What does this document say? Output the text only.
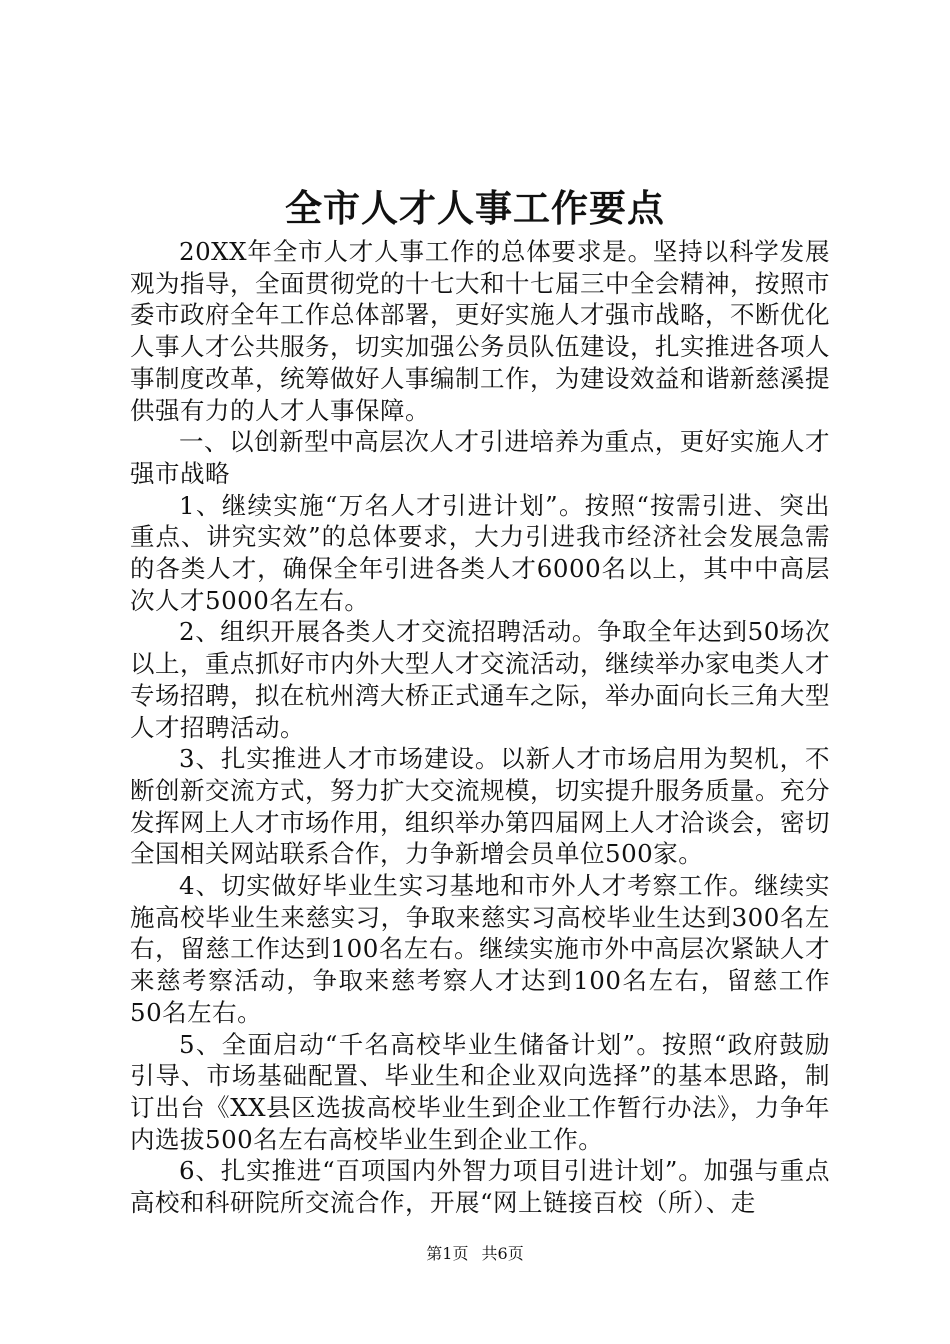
全市人才人事工作要点

20XX年全市人才人事工作的总体要求是。坚持以科学发展观为指导，全面贯彻党的十七大和十七届三中全会精神，按照市委市政府全年工作总体部署，更好实施人才强市战略，不断优化人事人才公共服务，切实加强公务员队伍建设，扎实推进各项人事制度改革，统筹做好人事编制工作，为建设效益和谐新慈溪提供强有力的人才人事保障。

一、以创新型中高层次人才引进培养为重点，更好实施人才强市战略

1、继续实施“万名人才引进计划”。按照“按需引进、突出重点、讲究实效”的总体要求，大力引进我市经济社会发展急需的各类人才，确保全年引进各类人才6000名以上，其中中高层次人才5000名左右。

2、组织开展各类人才交流招聘活动。争取全年达到50场次以上，重点抓好市内外大型人才交流活动，继续举办家电类人才专场招聘，拟在杭州湾大桥正式通车之际，举办面向长三角大型人才招聘活动。

3、扎实推进人才市场建设。以新人才市场启用为契机，不断创新交流方式，努力扩大交流规模，切实提升服务质量。充分发挥网上人才市场作用，组织举办第四届网上人才洽谈会，密切全国相关网站联系合作，力争新增会员单位500家。

4、切实做好毕业生实习基地和市外人才考察工作。继续实施高校毕业生来慈实习，争取来慈实习高校毕业生达到300名左右，留慈工作达到100名左右。继续实施市外中高层次紧缺人才来慈考察活动，争取来慈考察人才达到100名左右，留慈工作50名左右。

5、全面启动“千名高校毕业生储备计划”。按照“政府鼓励引导、市场基础配置、毕业生和企业双向选择”的基本思路，制订出台《XX县区选拔高校毕业生到企业工作暂行办法》，力争年内选拔500名左右高校毕业生到企业工作。

6、扎实推进“百项国内外智力项目引进计划”。加强与重点高校和科研院所交流合作，开展“网上链接百校（所）、走

第1页 共6页
